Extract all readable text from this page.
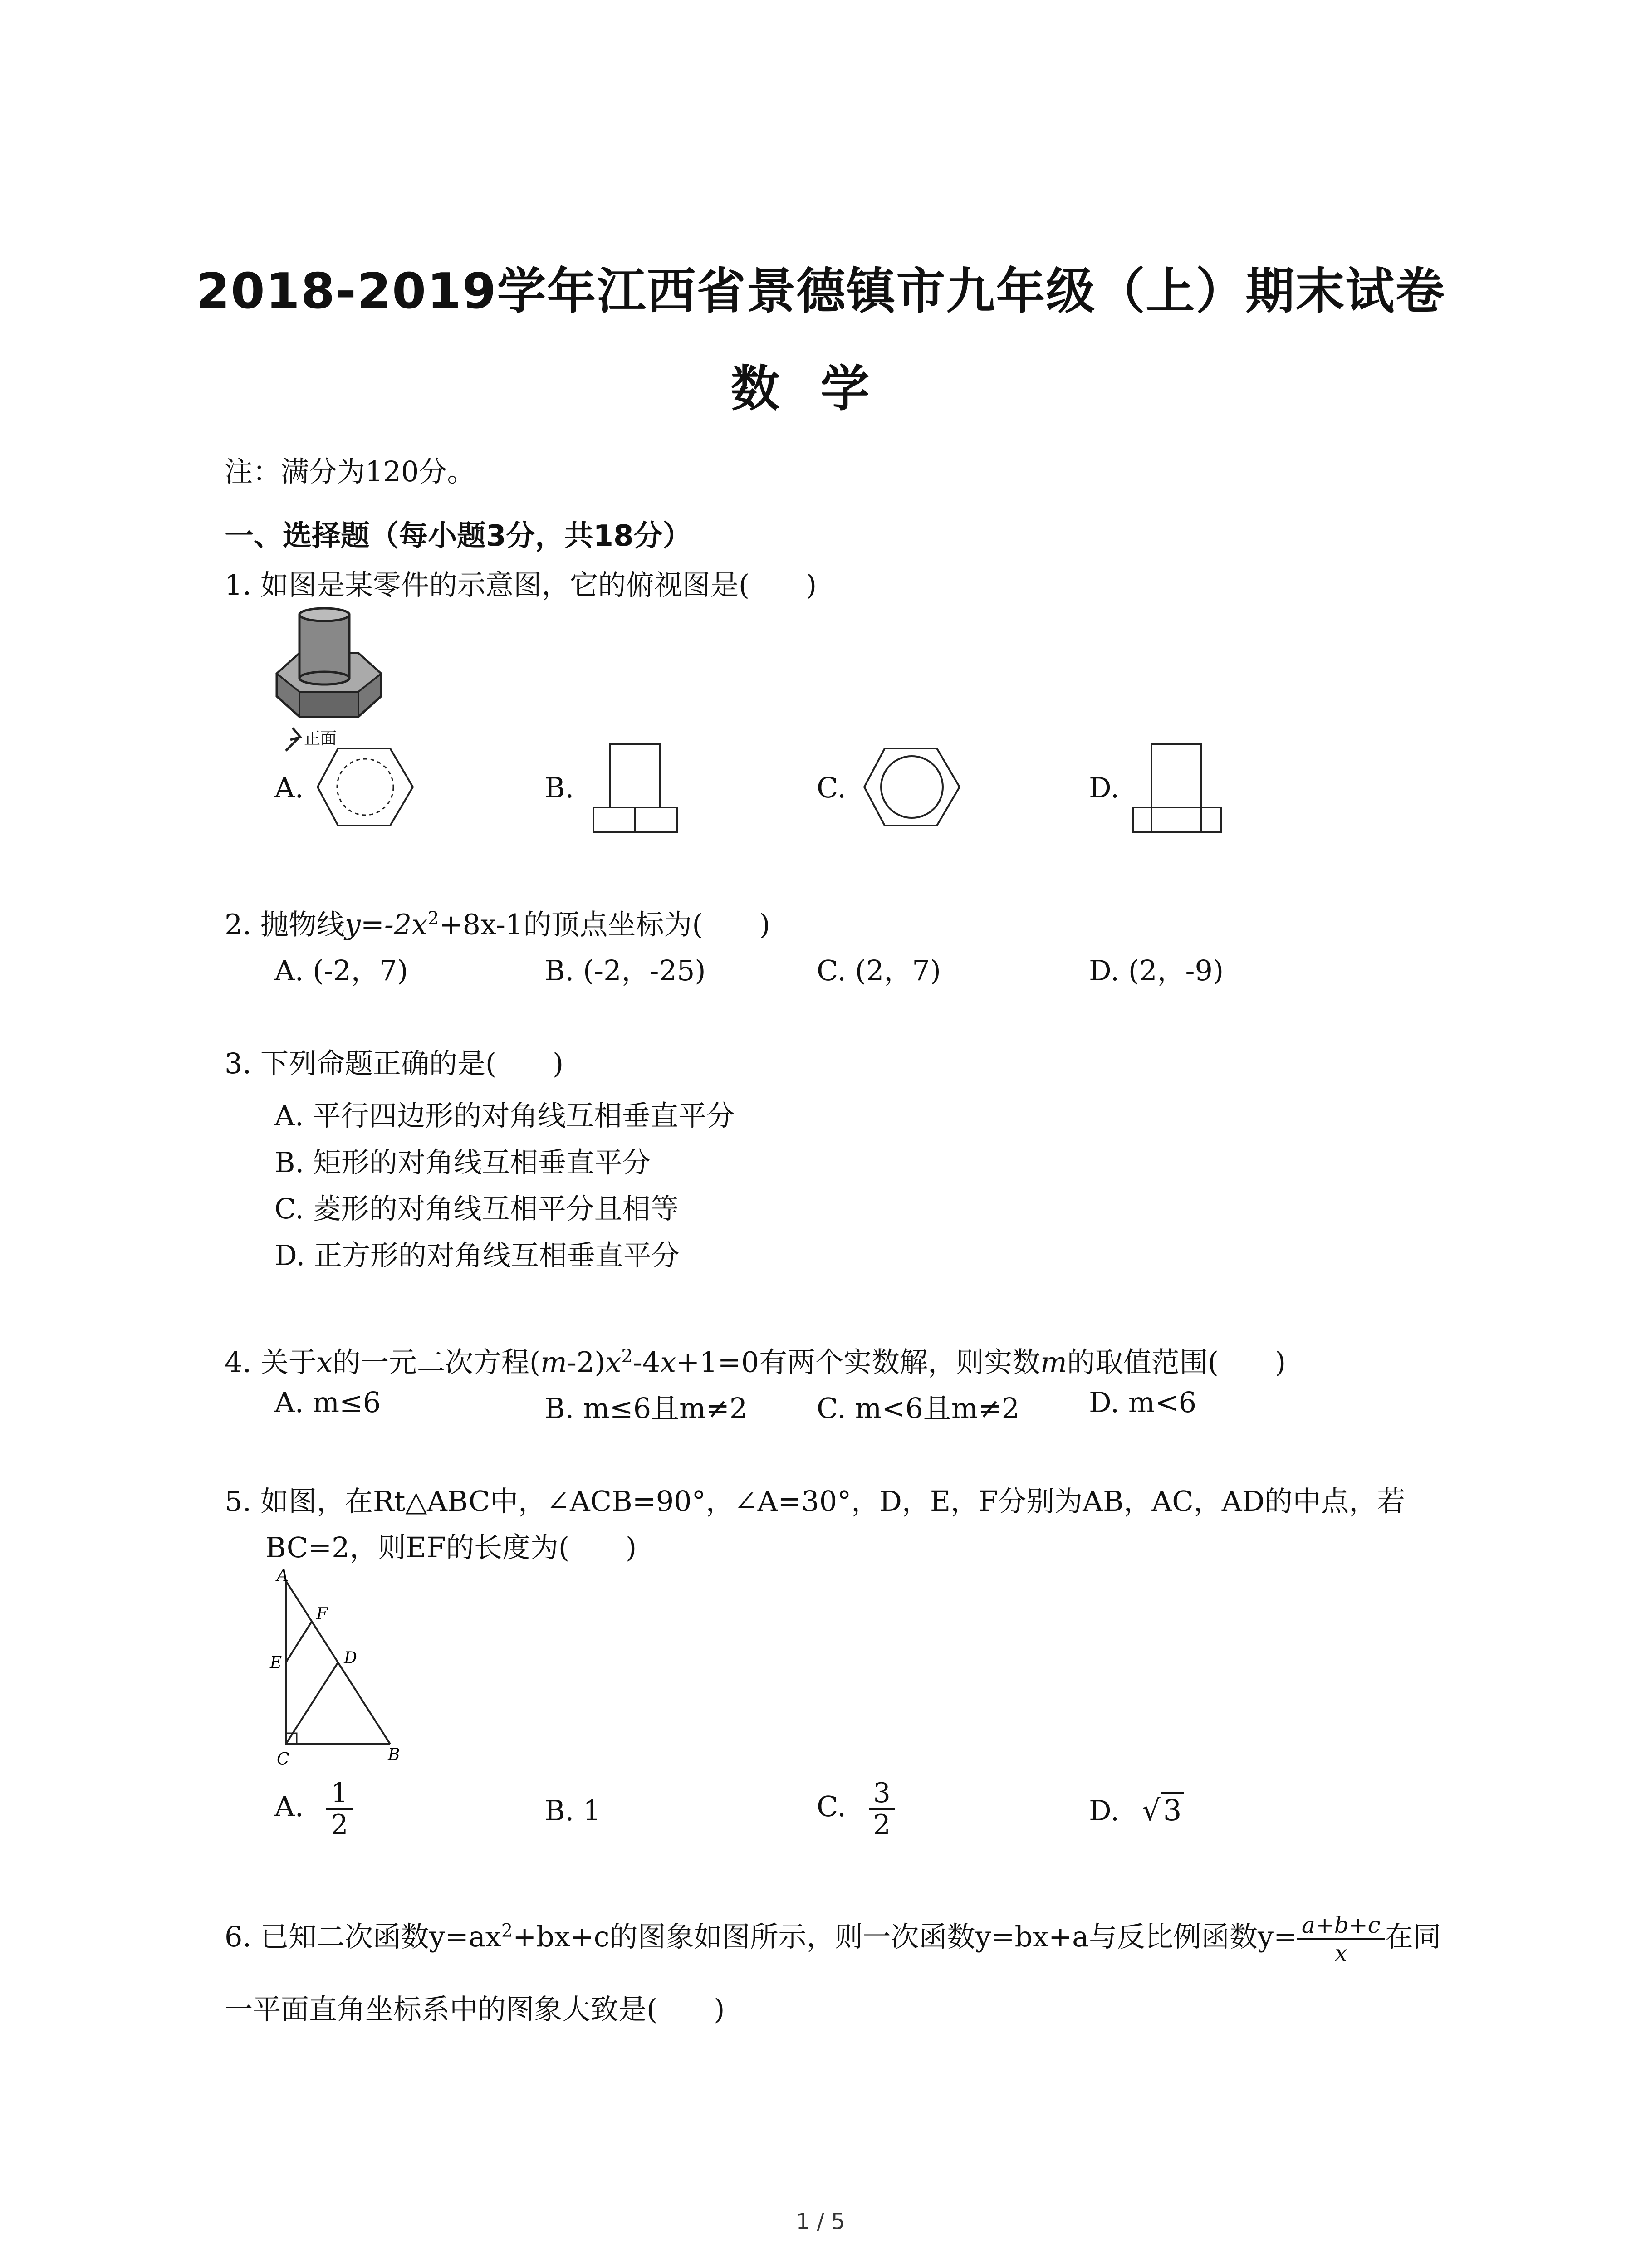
2018-2019学年江西省景德镇市九年级（上）期末试卷
数学
注：满分为120分。
一、选择题（每小题3分，共18分）
1. 如图是某零件的示意图，它的俯视图是(　　)
正面
A.	B.	C.	D.
2. 抛物线$y=-2x^2+8x-1$的顶点坐标为(　　)
A. (-2，7)	B. (-2，-25)	C. (2，7)	D. (2，-9)
3. 下列命题正确的是(　　)
A. 平行四边形的对角线互相垂直平分
B. 矩形的对角线互相垂直平分
C. 菱形的对角线互相平分且相等
D. 正方形的对角线互相垂直平分
4. 关于x的一元二次方程$(m-2)x^2-4x+1=0$有两个实数解，则实数m的取值范围(　　)
A. m≤6	B. m≤6且m≠2 C. m<6且m≠2 D. m<6
5. 如图，在Rt△ABC中，∠ACB=90°，∠A=30°，D，E，F分别为AB，AC，AD的中点，若
BC=2，则EF的长度为(　　)
A
F
E	D
C	B
A. $\frac{1}{2}$	B. 1	C. $\frac{3}{2}$	D. √3
6. 已知二次函数$y=ax^2+bx+c$的图象如图所示，则一次函数y=bx+a与反比例函数$y= \frac{a+b+c}{x}$ 在同
一平面直角坐标系中的图象大致是(　　)
1 / 5
